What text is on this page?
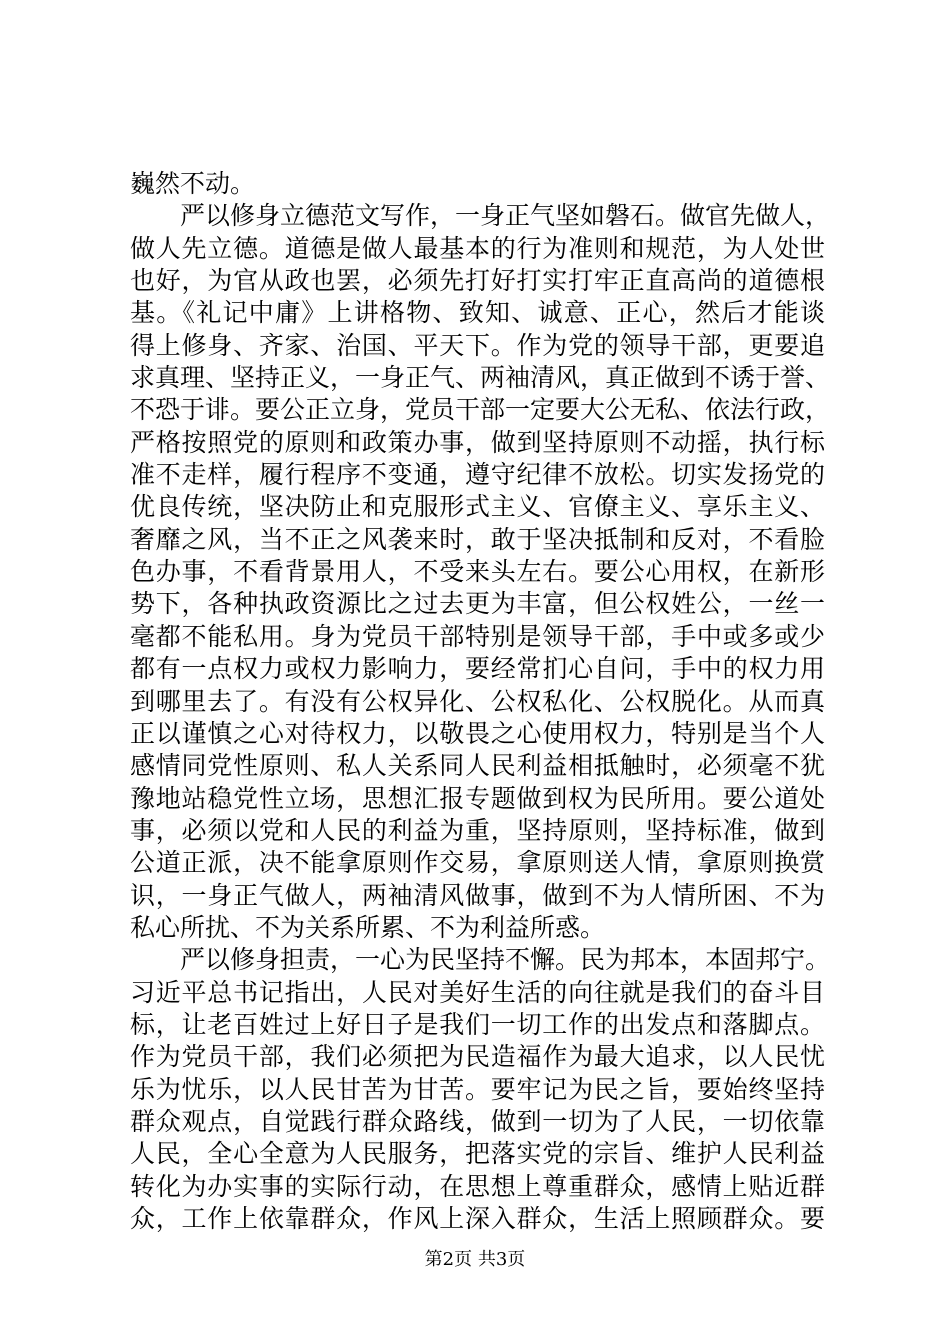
巍然不动。
严以修身立德范文写作，一身正气坚如磐石。做官先做人，
做人先立德。道德是做人最基本的行为准则和规范，为人处世
也好，为官从政也罢，必须先打好打实打牢正直高尚的道德根
基。《礼记中庸》上讲格物、致知、诚意、正心，然后才能谈
得上修身、齐家、治国、平天下。作为党的领导干部，更要追
求真理、坚持正义，一身正气、两袖清风，真正做到不诱于誉、
不恐于诽。要公正立身，党员干部一定要大公无私、依法行政，
严格按照党的原则和政策办事，做到坚持原则不动摇，执行标
准不走样，履行程序不变通，遵守纪律不放松。切实发扬党的
优良传统，坚决防止和克服形式主义、官僚主义、享乐主义、
奢靡之风，当不正之风袭来时，敢于坚决抵制和反对，不看脸
色办事，不看背景用人，不受来头左右。要公心用权，在新形
势下，各种执政资源比之过去更为丰富，但公权姓公，一丝一
毫都不能私用。身为党员干部特别是领导干部，手中或多或少
都有一点权力或权力影响力，要经常扪心自问，手中的权力用
到哪里去了。有没有公权异化、公权私化、公权脱化。从而真
正以谨慎之心对待权力，以敬畏之心使用权力，特别是当个人
感情同党性原则、私人关系同人民利益相抵触时，必须毫不犹
豫地站稳党性立场，思想汇报专题做到权为民所用。要公道处
事，必须以党和人民的利益为重，坚持原则，坚持标准，做到
公道正派，决不能拿原则作交易，拿原则送人情，拿原则换赏
识，一身正气做人，两袖清风做事，做到不为人情所困、不为
私心所扰、不为关系所累、不为利益所惑。
严以修身担责，一心为民坚持不懈。民为邦本，本固邦宁。
习近平总书记指出，人民对美好生活的向往就是我们的奋斗目
标，让老百姓过上好日子是我们一切工作的出发点和落脚点。
作为党员干部，我们必须把为民造福作为最大追求，以人民忧
乐为忧乐，以人民甘苦为甘苦。要牢记为民之旨，要始终坚持
群众观点，自觉践行群众路线，做到一切为了人民，一切依靠
人民，全心全意为人民服务，把落实党的宗旨、维护人民利益
转化为办实事的实际行动，在思想上尊重群众，感情上贴近群
众，工作上依靠群众，作风上深入群众，生活上照顾群众。要
第2页 共3页
